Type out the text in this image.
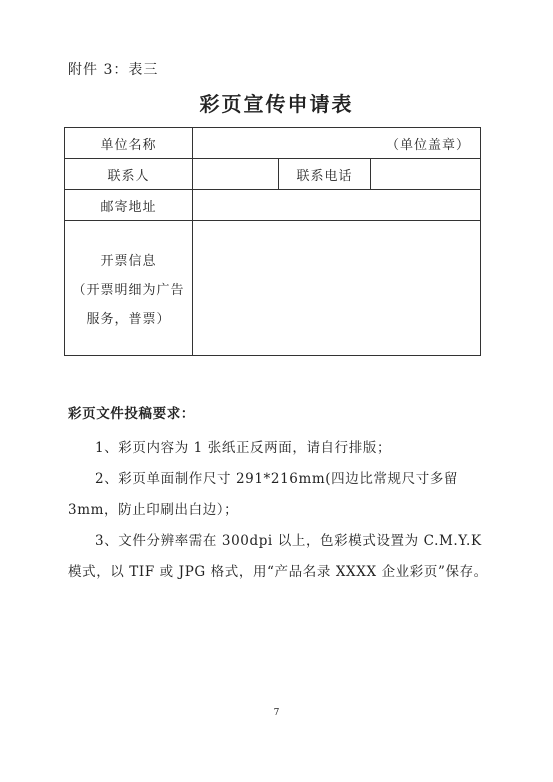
附件 3：表三
彩页宣传申请表
单位名称	（单位盖章）		
联系人		联系电话	
邮寄地址			

开票信息
（开票明细为广告
服务，普票）			

彩页文件投稿要求：
1、彩页内容为 1 张纸正反两面，请自行排版；
2、彩页单面制作尺寸 291*216mm(四边比常规尺寸多留 3mm，防止印刷出白边）；
3、文件分辨率需在 300dpi 以上，色彩模式设置为 C.M.Y.K 模式，以 TIF 或 JPG 格式，用“产品名录 XXXX 企业彩页”保存。
7
